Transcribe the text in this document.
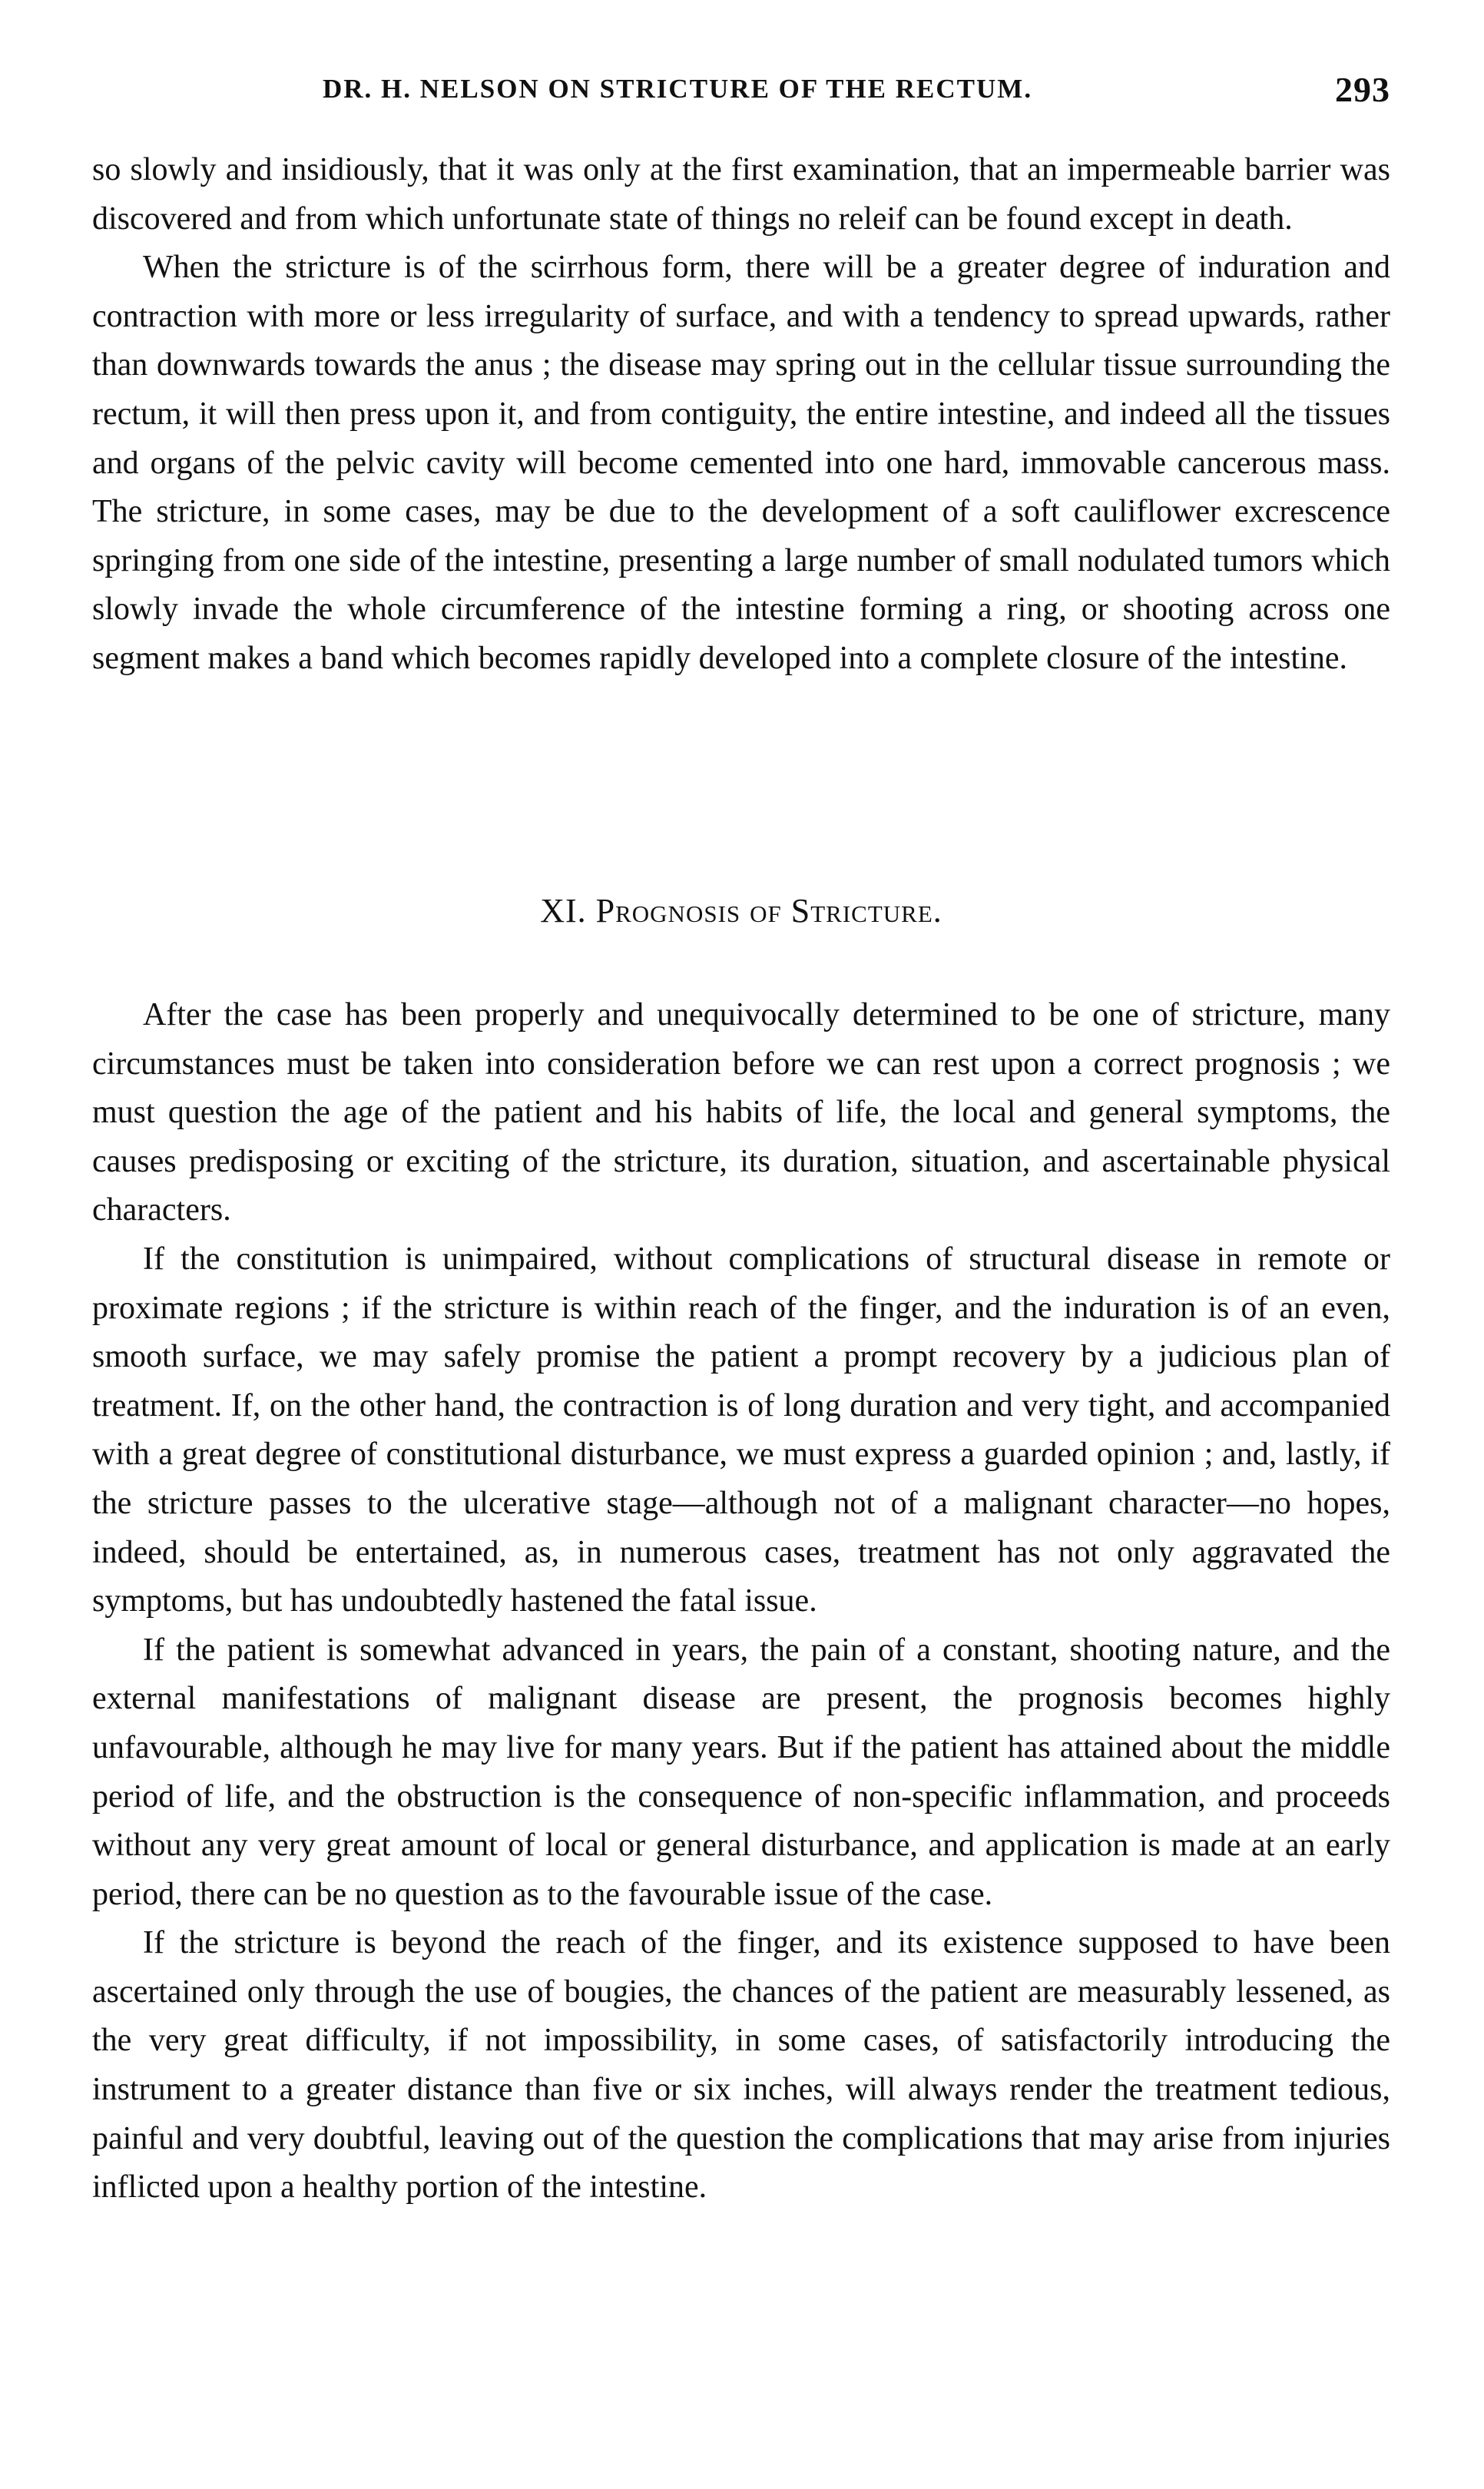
DR. H. NELSON ON STRICTURE OF THE RECTUM.	293

so slowly and insidiously, that it was only at the first examination, that an impermeable barrier was discovered and from which unfortunate state of things no releif can be found except in death.

When the stricture is of the scirrhous form, there will be a greater degree of induration and contraction with more or less irregularity of surface, and with a tendency to spread upwards, rather than downwards towards the anus ; the disease may spring out in the cellular tissue surrounding the rectum, it will then press upon it, and from contiguity, the entire intestine, and indeed all the tissues and organs of the pelvic cavity will become cemented into one hard, immovable cancerous mass. The stricture, in some cases, may be due to the development of a soft cauliflower excrescence springing from one side of the intestine, presenting a large number of small nodulated tumors which slowly invade the whole circumference of the intestine forming a ring, or shooting across one segment makes a band which becomes rapidly developed into a complete closure of the intestine.

XI. Prognosis of Stricture.

After the case has been properly and unequivocally determined to be one of stricture, many circumstances must be taken into consideration before we can rest upon a correct prognosis ; we must question the age of the patient and his habits of life, the local and general symptoms, the causes predisposing or exciting of the stricture, its duration, situation, and ascertainable physical characters.

If the constitution is unimpaired, without complications of structural disease in remote or proximate regions ; if the stricture is within reach of the finger, and the induration is of an even, smooth surface, we may safely promise the patient a prompt recovery by a judicious plan of treatment. If, on the other hand, the contraction is of long duration and very tight, and accompanied with a great degree of constitutional disturbance, we must express a guarded opinion ; and, lastly, if the stricture passes to the ulcerative stage—although not of a malignant character—no hopes, indeed, should be entertained, as, in numerous cases, treatment has not only aggravated the symptoms, but has undoubtedly hastened the fatal issue.

If the patient is somewhat advanced in years, the pain of a constant, shooting nature, and the external manifestations of malignant disease are present, the prognosis becomes highly unfavourable, although he may live for many years. But if the patient has attained about the middle period of life, and the obstruction is the consequence of non-specific inflammation, and proceeds without any very great amount of local or general disturbance, and application is made at an early period, there can be no question as to the favourable issue of the case.

If the stricture is beyond the reach of the finger, and its existence supposed to have been ascertained only through the use of bougies, the chances of the patient are measurably lessened, as the very great difficulty, if not impossibility, in some cases, of satisfactorily introducing the instrument to a greater distance than five or six inches, will always render the treatment tedious, painful and very doubtful, leaving out of the question the complications that may arise from injuries inflicted upon a healthy portion of the intestine.
